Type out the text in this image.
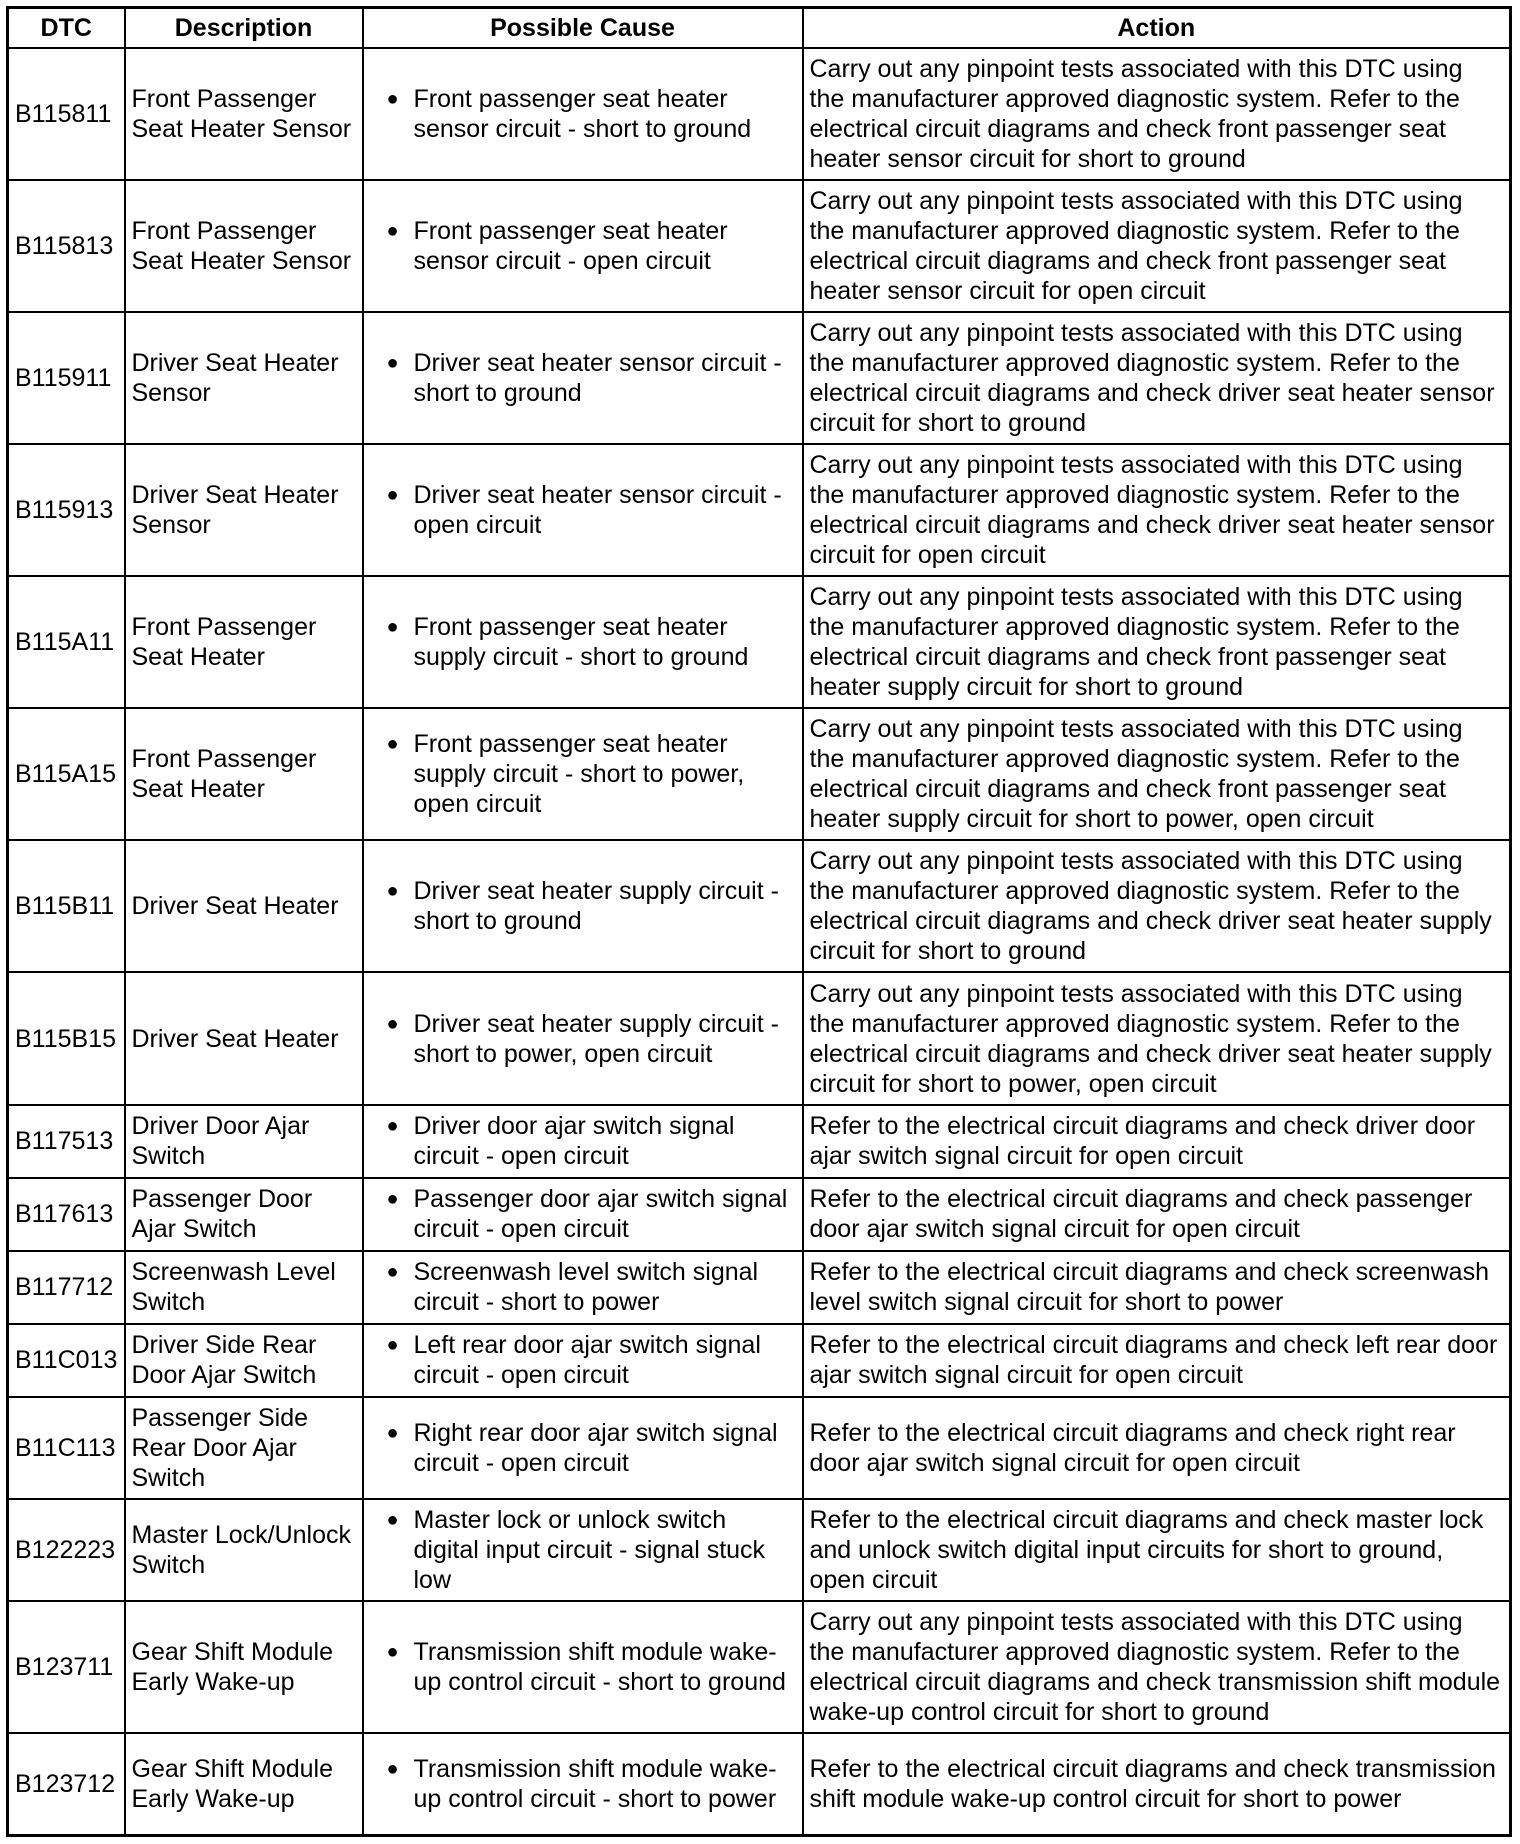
DTC	Description	Possible Cause	Action
B115811	Front Passenger Seat Heater Sensor	● Front passenger seat heater sensor circuit - short to ground	Carry out any pinpoint tests associated with this DTC using the manufacturer approved diagnostic system. Refer to the electrical circuit diagrams and check front passenger seat heater sensor circuit for short to ground
B115813	Front Passenger Seat Heater Sensor	● Front passenger seat heater sensor circuit - open circuit	Carry out any pinpoint tests associated with this DTC using the manufacturer approved diagnostic system. Refer to the electrical circuit diagrams and check front passenger seat heater sensor circuit for open circuit
B115911	Driver Seat Heater Sensor	● Driver seat heater sensor circuit - short to ground	Carry out any pinpoint tests associated with this DTC using the manufacturer approved diagnostic system. Refer to the electrical circuit diagrams and check driver seat heater sensor circuit for short to ground
B115913	Driver Seat Heater Sensor	● Driver seat heater sensor circuit - open circuit	Carry out any pinpoint tests associated with this DTC using the manufacturer approved diagnostic system. Refer to the electrical circuit diagrams and check driver seat heater sensor circuit for open circuit
B115A11	Front Passenger Seat Heater	● Front passenger seat heater supply circuit - short to ground	Carry out any pinpoint tests associated with this DTC using the manufacturer approved diagnostic system. Refer to the electrical circuit diagrams and check front passenger seat heater supply circuit for short to ground
B115A15	Front Passenger Seat Heater	● Front passenger seat heater supply circuit - short to power, open circuit	Carry out any pinpoint tests associated with this DTC using the manufacturer approved diagnostic system. Refer to the electrical circuit diagrams and check front passenger seat heater supply circuit for short to power, open circuit
B115B11	Driver Seat Heater	● Driver seat heater supply circuit - short to ground	Carry out any pinpoint tests associated with this DTC using the manufacturer approved diagnostic system. Refer to the electrical circuit diagrams and check driver seat heater supply circuit for short to ground
B115B15	Driver Seat Heater	● Driver seat heater supply circuit - short to power, open circuit	Carry out any pinpoint tests associated with this DTC using the manufacturer approved diagnostic system. Refer to the electrical circuit diagrams and check driver seat heater supply circuit for short to power, open circuit
B117513	Driver Door Ajar Switch	● Driver door ajar switch signal circuit - open circuit	Refer to the electrical circuit diagrams and check driver door ajar switch signal circuit for open circuit
B117613	Passenger Door Ajar Switch	● Passenger door ajar switch signal circuit - open circuit	Refer to the electrical circuit diagrams and check passenger door ajar switch signal circuit for open circuit
B117712	Screenwash Level Switch	● Screenwash level switch signal circuit - short to power	Refer to the electrical circuit diagrams and check screenwash level switch signal circuit for short to power
B11C013	Driver Side Rear Door Ajar Switch	● Left rear door ajar switch signal circuit - open circuit	Refer to the electrical circuit diagrams and check left rear door ajar switch signal circuit for open circuit
B11C113	Passenger Side Rear Door Ajar Switch	● Right rear door ajar switch signal circuit - open circuit	Refer to the electrical circuit diagrams and check right rear door ajar switch signal circuit for open circuit
B122223	Master Lock/Unlock Switch	● Master lock or unlock switch digital input circuit - signal stuck low	Refer to the electrical circuit diagrams and check master lock and unlock switch digital input circuits for short to ground, open circuit
B123711	Gear Shift Module Early Wake-up	● Transmission shift module wake-up control circuit - short to ground	Carry out any pinpoint tests associated with this DTC using the manufacturer approved diagnostic system. Refer to the electrical circuit diagrams and check transmission shift module wake-up control circuit for short to ground
B123712	Gear Shift Module Early Wake-up	● Transmission shift module wake-up control circuit - short to power	Refer to the electrical circuit diagrams and check transmission shift module wake-up control circuit for short to power
